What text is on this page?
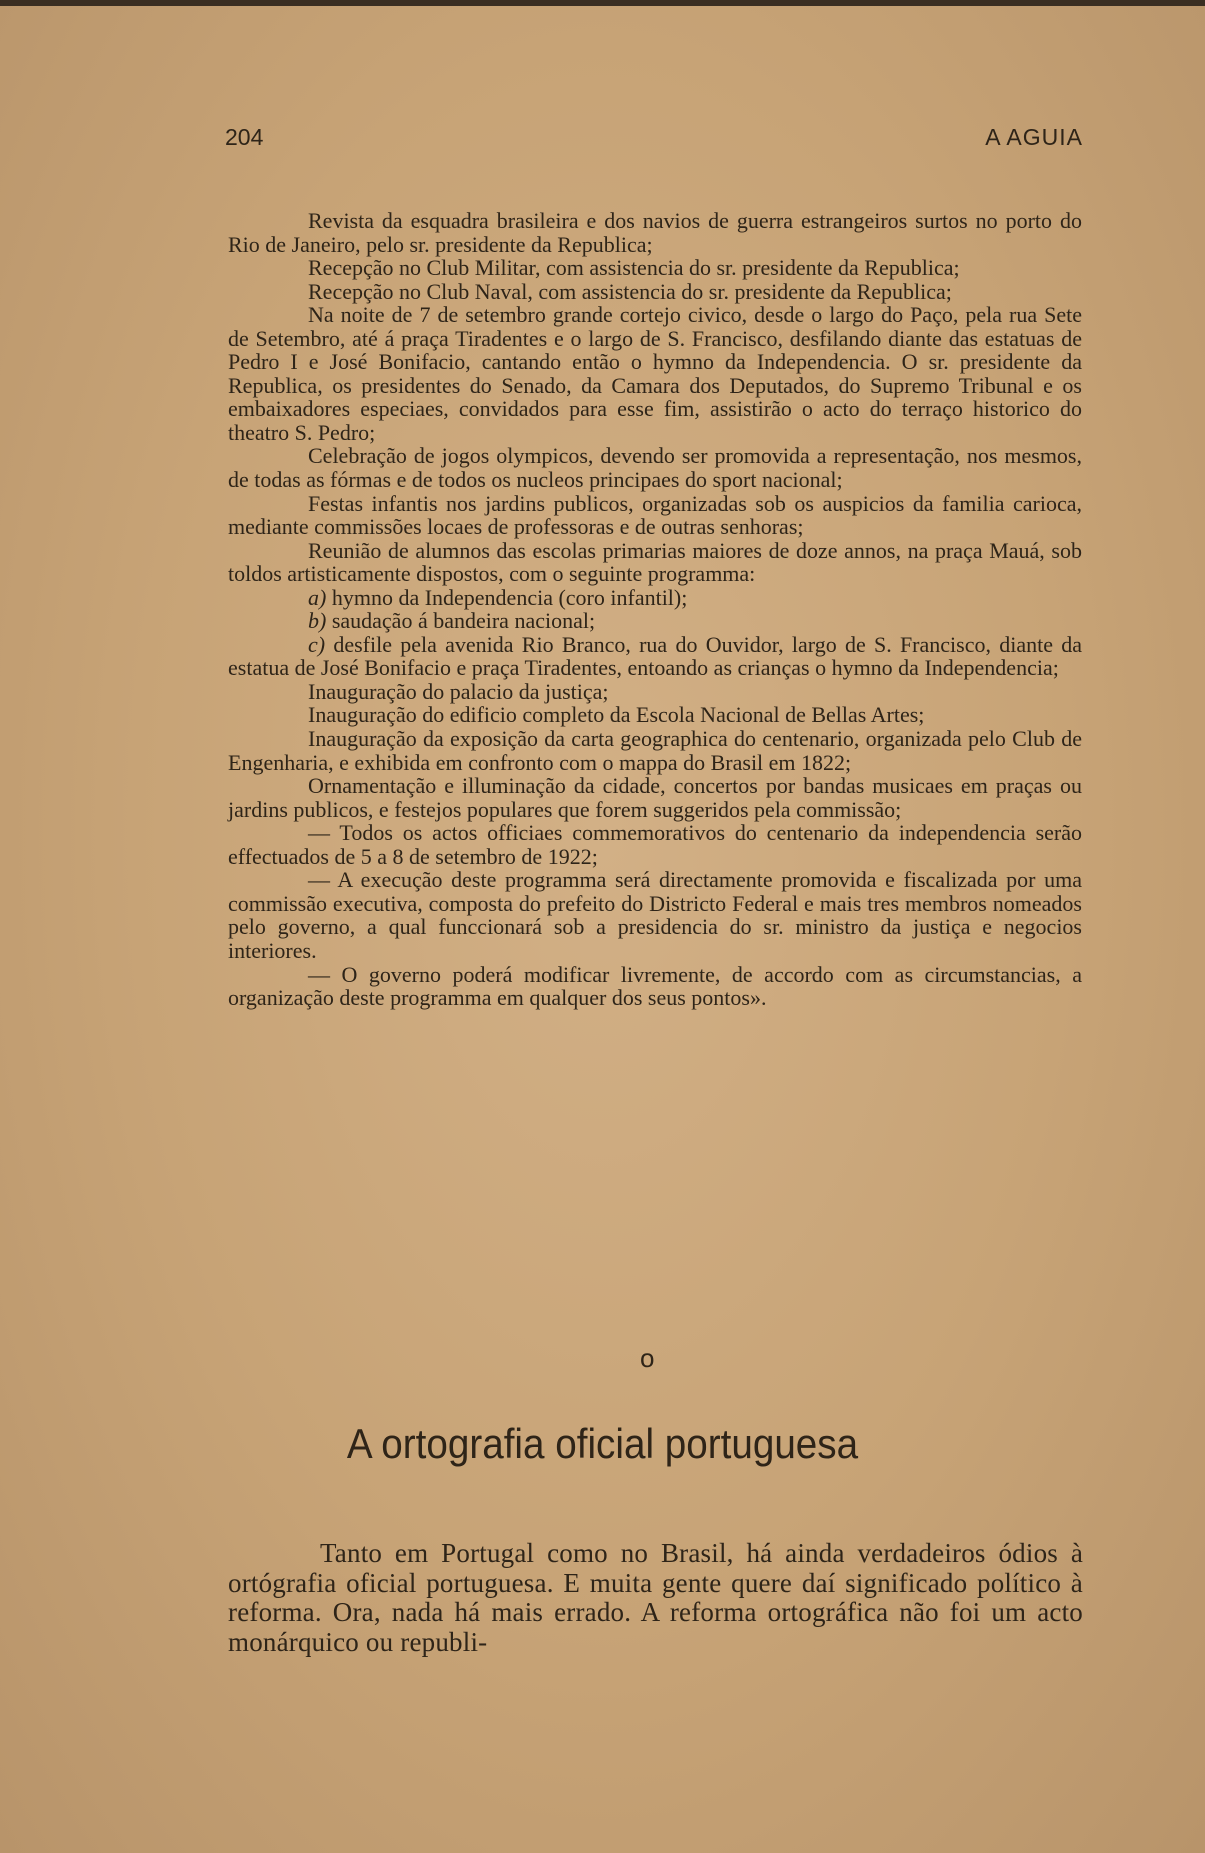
204	A AGUIA

Revista da esquadra brasileira e dos navios de guerra estrangeiros surtos no porto do Rio de Janeiro, pelo sr. presidente da Republica;

Recepção no Club Militar, com assistencia do sr. presidente da Republica;

Recepção no Club Naval, com assistencia do sr. presidente da Republica;

Na noite de 7 de setembro grande cortejo civico, desde o largo do Paço, pela rua Sete de Setembro, até á praça Tiradentes e o largo de S. Francisco, desfilando diante das estatuas de Pedro I e José Bonifacio, cantando então o hymno da Independencia. O sr. presidente da Republica, os presidentes do Senado, da Camara dos Deputados, do Supremo Tribunal e os embaixadores especiaes, convidados para esse fim, assistirão o acto do terraço historico do theatro S. Pedro;

Celebração de jogos olympicos, devendo ser promovida a representação, nos mesmos, de todas as fórmas e de todos os nucleos principaes do sport nacional;

Festas infantis nos jardins publicos, organizadas sob os auspicios da familia carioca, mediante commissões locaes de professoras e de outras senhoras;

Reunião de alumnos das escolas primarias maiores de doze annos, na praça Mauá, sob toldos artisticamente dispostos, com o seguinte programma:

a) hymno da Independencia (coro infantil);

b) saudação á bandeira nacional;

c) desfile pela avenida Rio Branco, rua do Ouvidor, largo de S. Francisco, diante da estatua de José Bonifacio e praça Tiradentes, entoando as crianças o hymno da Independencia;

Inauguração do palacio da justiça;

Inauguração do edificio completo da Escola Nacional de Bellas Artes;

Inauguração da exposição da carta geographica do centenario, organizada pelo Club de Engenharia, e exhibida em confronto com o mappa do Brasil em 1822;

Ornamentação e illuminação da cidade, concertos por bandas musicaes em praças ou jardins publicos, e festejos populares que forem suggeridos pela commissão;

— Todos os actos officiaes commemorativos do centenario da independencia serão effectuados de 5 a 8 de setembro de 1922;

— A execução deste programma será directamente promovida e fiscalizada por uma commissão executiva, composta do prefeito do Districto Federal e mais tres membros nomeados pelo governo, a qual funccionará sob a presidencia do sr. ministro da justiça e negocios interiores.

— O governo poderá modificar livremente, de accordo com as circumstancias, a organização deste programma em qualquer dos seus pontos».

o
A ortografia oficial portuguesa

Tanto em Portugal como no Brasil, há ainda verdadeiros ódios à ortógrafia oficial portuguesa. E muita gente quere daí significado político à reforma. Ora, nada há mais errado. A reforma ortográfica não foi um acto monárquico ou republi-
